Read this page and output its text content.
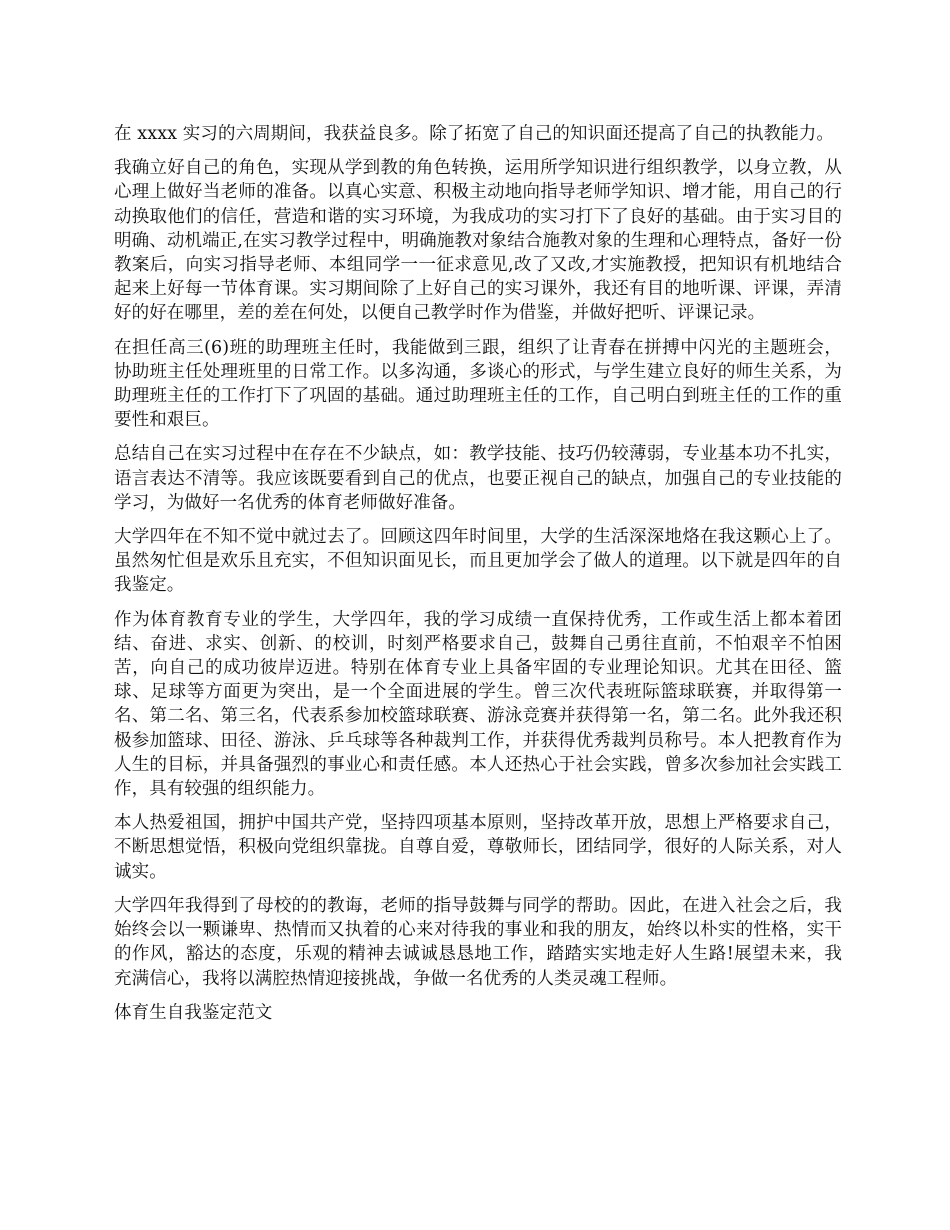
在 xxxx 实习的六周期间，我获益良多。除了拓宽了自己的知识面还提高了自己的执教能力。

我确立好自己的角色，实现从学到教的角色转换，运用所学知识进行组织教学，以身立教，从心理上做好当老师的准备。以真心实意、积极主动地向指导老师学知识、增才能，用自己的行动换取他们的信任，营造和谐的实习环境，为我成功的实习打下了良好的基础。由于实习目的明确、动机端正,在实习教学过程中，明确施教对象结合施教对象的生理和心理特点，备好一份教案后，向实习指导老师、本组同学一一征求意见,改了又改,才实施教授，把知识有机地结合起来上好每一节体育课。实习期间除了上好自己的实习课外，我还有目的地听课、评课，弄清好的好在哪里，差的差在何处，以便自己教学时作为借鉴，并做好把听、评课记录。

在担任高三(6)班的助理班主任时，我能做到三跟，组织了让青春在拼搏中闪光的主题班会，协助班主任处理班里的日常工作。以多沟通，多谈心的形式，与学生建立良好的师生关系，为助理班主任的工作打下了巩固的基础。通过助理班主任的工作，自己明白到班主任的工作的重要性和艰巨。

总结自己在实习过程中在存在不少缺点，如：教学技能、技巧仍较薄弱，专业基本功不扎实，语言表达不清等。我应该既要看到自己的优点，也要正视自己的缺点，加强自己的专业技能的学习，为做好一名优秀的体育老师做好准备。

大学四年在不知不觉中就过去了。回顾这四年时间里，大学的生活深深地烙在我这颗心上了。虽然匆忙但是欢乐且充实，不但知识面见长，而且更加学会了做人的道理。以下就是四年的自我鉴定。

作为体育教育专业的学生，大学四年，我的学习成绩一直保持优秀，工作或生活上都本着团结、奋进、求实、创新、的校训，时刻严格要求自己，鼓舞自己勇往直前，不怕艰辛不怕困苦，向自己的成功彼岸迈进。特别在体育专业上具备牢固的专业理论知识。尤其在田径、篮球、足球等方面更为突出，是一个全面进展的学生。曾三次代表班际篮球联赛，并取得第一名、第二名、第三名，代表系参加校篮球联赛、游泳竞赛并获得第一名，第二名。此外我还积极参加篮球、田径、游泳、乒乓球等各种裁判工作，并获得优秀裁判员称号。本人把教育作为人生的目标，并具备强烈的事业心和责任感。本人还热心于社会实践，曾多次参加社会实践工作，具有较强的组织能力。

本人热爱祖国，拥护中国共产党，坚持四项基本原则，坚持改革开放，思想上严格要求自己，不断思想觉悟，积极向党组织靠拢。自尊自爱，尊敬师长，团结同学，很好的人际关系，对人诚实。

大学四年我得到了母校的的教诲，老师的指导鼓舞与同学的帮助。因此，在进入社会之后，我始终会以一颗谦卑、热情而又执着的心来对待我的事业和我的朋友，始终以朴实的性格，实干的作风，豁达的态度，乐观的精神去诚诚恳恳地工作，踏踏实实地走好人生路!展望未来，我充满信心，我将以满腔热情迎接挑战，争做一名优秀的人类灵魂工程师。

体育生自我鉴定范文
